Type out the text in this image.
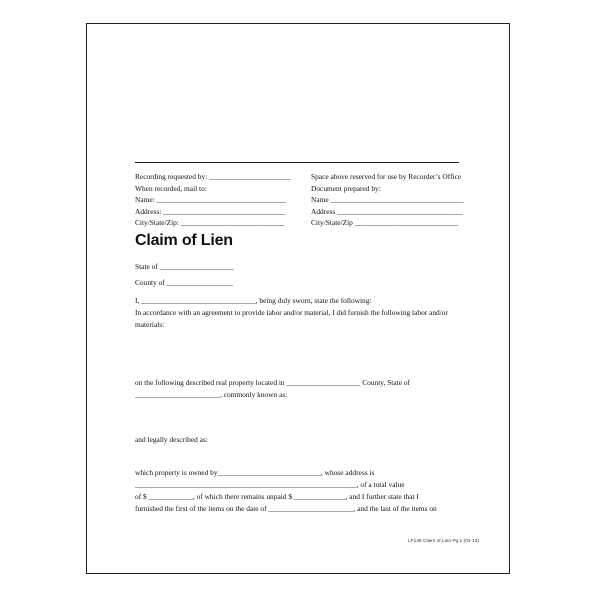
Recording requested by: ______________________
When recorded, mail to:
Name: ___________________________________
Address: _________________________________
City/State/Zip: ____________________________
Space above reserved for use by Recorder’s Office
Document prepared by:
Name ____________________________________
Address __________________________________
City/State/Zip ____________________________
Claim of Lien
State of ____________________
County of __________________
I, _______________________________, being duly sworn, state the following:
In accordance with an agreement to provide labor and/or material, I did furnish the following labor and/or
materials:
on the following described real property located in ____________________ County, State of
_______________________, commonly known as:
and legally described as:
which property is owned by____________________________, whose address is
____________________________________________________________, of a total value
of $ ____________, of which there remains unpaid $ ______________, and I further state that I
furnished the first of the items on the date of _______________________, and the last of the items on
LF136 Claim of Lien Pg.1 (01-13)
